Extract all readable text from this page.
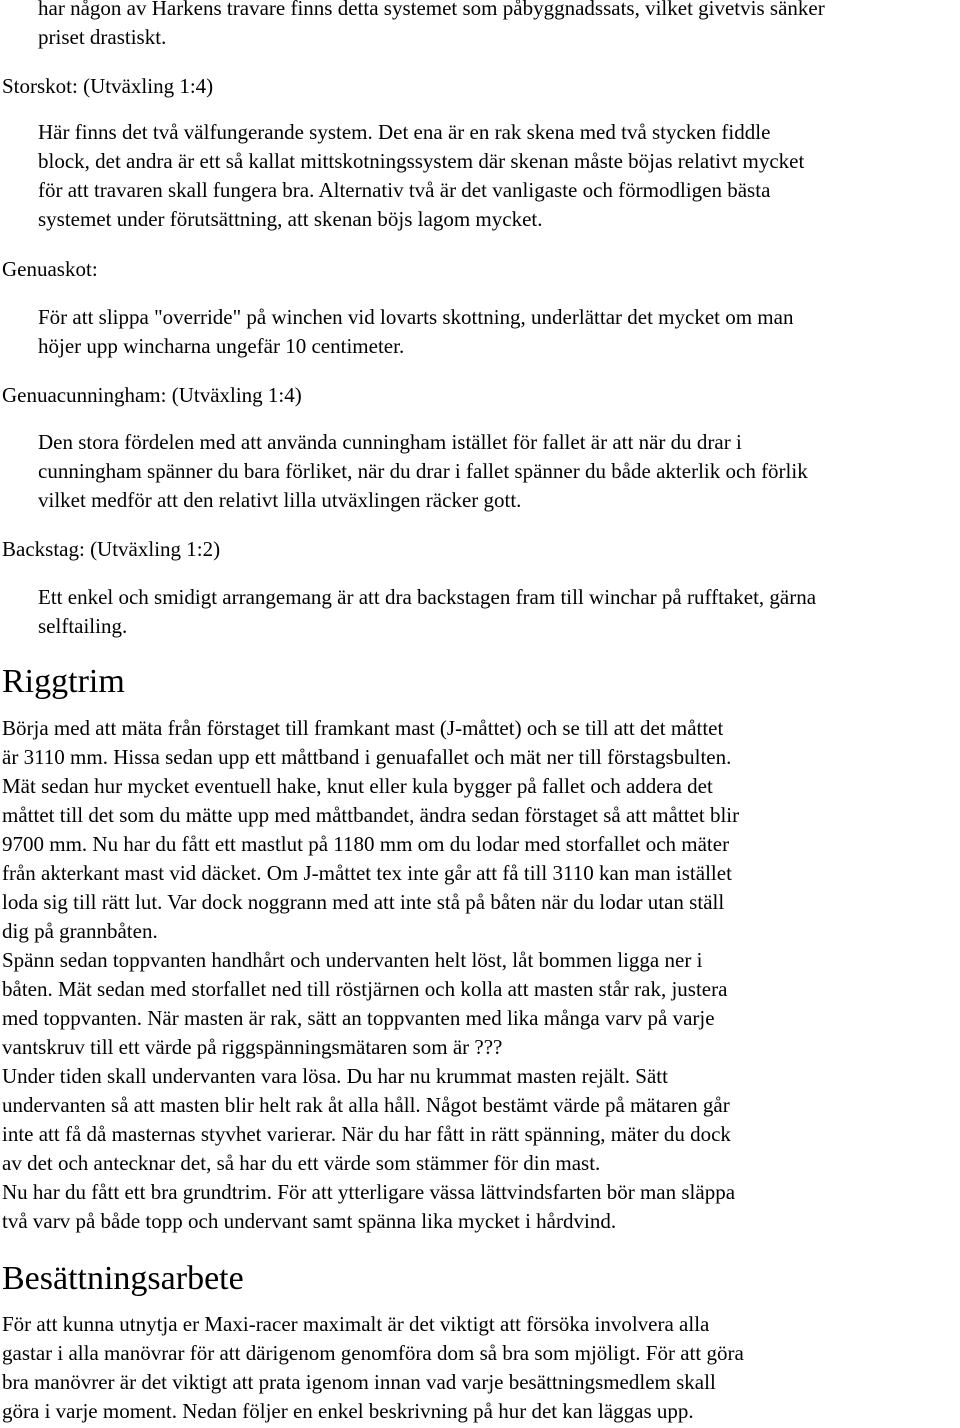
har någon av Harkens travare finns detta systemet som påbyggnadssats, vilket givetvis sänker
priset drastiskt.
Storskot: (Utväxling 1:4)
Här finns det två välfungerande system. Det ena är en rak skena med två stycken fiddle
block, det andra är ett så kallat mittskotningssystem där skenan måste böjas relativt mycket
för att travaren skall fungera bra. Alternativ två är det vanligaste och förmodligen bästa
systemet under förutsättning, att skenan böjs lagom mycket.
Genuaskot:
För att slippa "override" på winchen vid lovarts skottning, underlättar det mycket om man
höjer upp wincharna ungefär 10 centimeter.
Genuacunningham: (Utväxling 1:4)
Den stora fördelen med att använda cunningham istället för fallet är att när du drar i
cunningham spänner du bara förliket, när du drar i fallet spänner du både akterlik och förlik
vilket medför att den relativt lilla utväxlingen räcker gott.
Backstag: (Utväxling 1:2)
Ett enkel och smidigt arrangemang är att dra backstagen fram till winchar på rufftaket, gärna
selftailing.
Riggtrim
Börja med att mäta från förstaget till framkant mast (J-måttet) och se till att det måttet
är 3110 mm. Hissa sedan upp ett måttband i genuafallet och mät ner till förstagsbulten.
Mät sedan hur mycket eventuell hake, knut eller kula bygger på fallet och addera det
måttet till det som du mätte upp med måttbandet, ändra sedan förstaget så att måttet blir
9700 mm. Nu har du fått ett mastlut på 1180 mm om du lodar med storfallet och mäter
från akterkant mast vid däcket. Om J-måttet tex inte går att få till 3110 kan man istället
loda sig till rätt lut. Var dock noggrann med att inte stå på båten när du lodar utan ställ
dig på grannbåten.
Spänn sedan toppvanten handhårt och undervanten helt löst, låt bommen ligga ner i
båten. Mät sedan med storfallet ned till röstjärnen och kolla att masten står rak, justera
med toppvanten. När masten är rak, sätt an toppvanten med lika många varv på varje
vantskruv till ett värde på riggspänningsmätaren som är ???
Under tiden skall undervanten vara lösa. Du har nu krummat masten rejält. Sätt
undervanten så att masten blir helt rak åt alla håll. Något bestämt värde på mätaren går
inte att få då masternas styvhet varierar. När du har fått in rätt spänning, mäter du dock
av det och antecknar det, så har du ett värde som stämmer för din mast.
Nu har du fått ett bra grundtrim. För att ytterligare vässa lättvindsfarten bör man släppa
två varv på både topp och undervant samt spänna lika mycket i hårdvind.
Besättningsarbete
För att kunna utnytja er Maxi-racer maximalt är det viktigt att försöka involvera alla
gastar i alla manövrar för att därigenom genomföra dom så bra som mjöligt. För att göra
bra manövrer är det viktigt att prata igenom innan vad varje besättningsmedlem skall
göra i varje moment. Nedan följer en enkel beskrivning på hur det kan läggas upp.
